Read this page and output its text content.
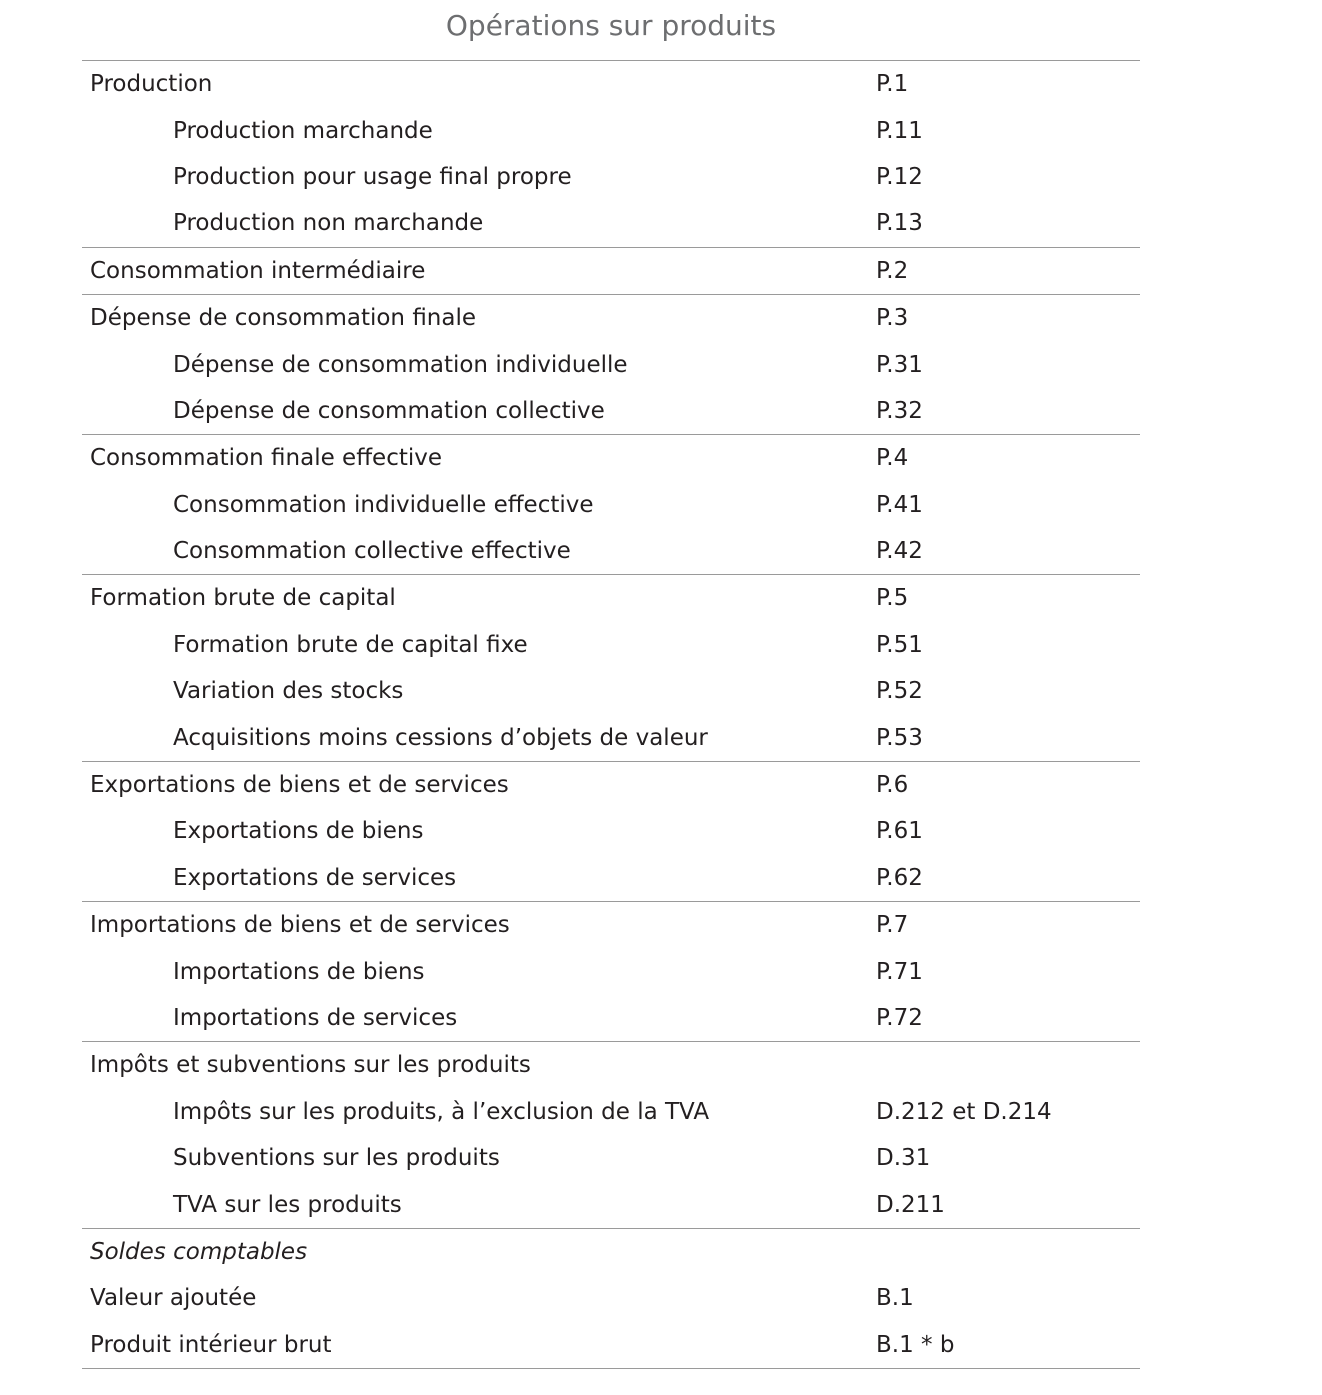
Opérations sur produits
Production	P.1
Production marchande	P.11
Production pour usage final propre	P.12
Production non marchande	P.13
Consommation intermédiaire	P.2
Dépense de consommation finale	P.3
Dépense de consommation individuelle	P.31
Dépense de consommation collective	P.32
Consommation finale effective	P.4
Consommation individuelle effective	P.41
Consommation collective effective	P.42
Formation brute de capital	P.5
Formation brute de capital fixe	P.51
Variation des stocks	P.52
Acquisitions moins cessions d’objets de valeur	P.53
Exportations de biens et de services	P.6
Exportations de biens	P.61
Exportations de services	P.62
Importations de biens et de services	P.7
Importations de biens	P.71
Importations de services	P.72
Impôts et subventions sur les produits
Impôts sur les produits, à l’exclusion de la TVA	D.212 et D.214
Subventions sur les produits	D.31
TVA sur les produits	D.211
Soldes comptables
Valeur ajoutée	B.1
Produit intérieur brut	B.1 * b
